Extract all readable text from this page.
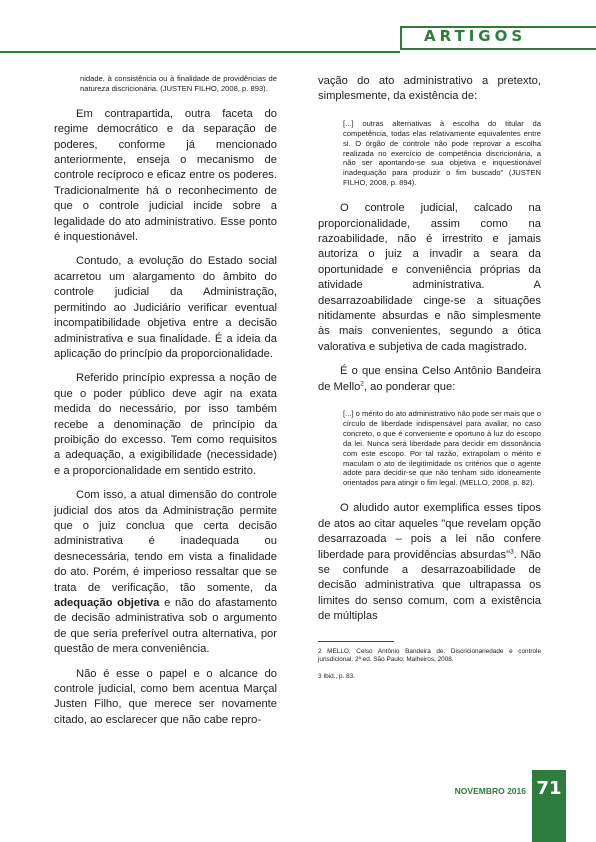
ARTIGOS

nidade, à consistência ou à finalidade de providências de natureza discricionária. (JUSTEN FILHO, 2008, p. 893).

Em contrapartida, outra faceta do regime democrático e da separação de poderes, conforme já mencionado anteriormente, enseja o mecanismo de controle recíproco e eficaz entre os poderes. Tradicionalmente há o reconhecimento de que o controle judicial incide sobre a legalidade do ato administrativo. Esse ponto é inquestionável.

Contudo, a evolução do Estado social acarretou um alargamento do âmbito do controle judicial da Administração, permitindo ao Judiciário verificar eventual incompatibilidade objetiva entre a decisão administrativa e sua finalidade. É a ideia da aplicação do princípio da proporcionalidade.

Referido princípio expressa a noção de que o poder público deve agir na exata medida do necessário, por isso também recebe a denominação de princípio da proibição do excesso. Tem como requisitos a adequação, a exigibilidade (necessidade) e a proporcionalidade em sentido estrito.

Com isso, a atual dimensão do controle judicial dos atos da Administração permite que o juiz conclua que certa decisão administrativa é inadequada ou desnecessária, tendo em vista a finalidade do ato. Porém, é imperioso ressaltar que se trata de verificação, tão somente, da adequação objetiva e não do afastamento de decisão administrativa sob o argumento de que seria preferível outra alternativa, por questão de mera conveniência.

Não é esse o papel e o alcance do controle judicial, como bem acentua Marçal Justen Filho, que merece ser novamente citado, ao esclarecer que não cabe repro-

vação do ato administrativo a pretexto, simplesmente, da existência de:

[...] outras alternativas à escolha do titular da competência, todas elas relativamente equivalentes entre si. O órgão de controle não pode reprovar a escolha realizada no exercício de competência discricionária, a não ser apontando-se sua objetiva e inquestionável inadequação para produzir o fim buscado" (JUSTEN FILHO, 2008, p. 894).

O controle judicial, calcado na proporcionalidade, assim como na razoabilidade, não é irrestrito e jamais autoriza o juiz a invadir a seara da oportunidade e conveniência próprias da atividade administrativa. A desarrazoabilidade cinge-se a situações nitidamente absurdas e não simplesmente às mais convenientes, segundo a ótica valorativa e subjetiva de cada magistrado.

É o que ensina Celso Antônio Bandeira de Mello$^2$, ao ponderar que:

[...] o mérito do ato administrativo não pode ser mais que o círculo de liberdade indispensável para avaliar, no caso concreto, o que é conveniente e oportuno à luz do escopo da lei. Nunca será liberdade para decidir em dissonância com este escopo. Por tal razão, extrapolam o mérito e maculam o ato de ilegitimidade os critérios que o agente adote para decidir-se que não tenham sido idoneamente orientados para atingir o fim legal. (MELLO, 2008, p. 82).

O aludido autor exemplifica esses tipos de atos ao citar aqueles "que revelam opção desarrazoada – pois a lei não confere liberdade para providências absurdas"$^3$. Não se confunde a desarrazoabilidade de decisão administrativa que ultrapassa os limites do senso comum, com a existência de múltiplas

2 MELLO, Celso Antônio Bandeira de. Discricionariedade e controle jurisdicional. 2ª ed. São Paulo: Malheiros, 2008.

3 Ibid., p. 83.

NOVEMBRO 2016 71
